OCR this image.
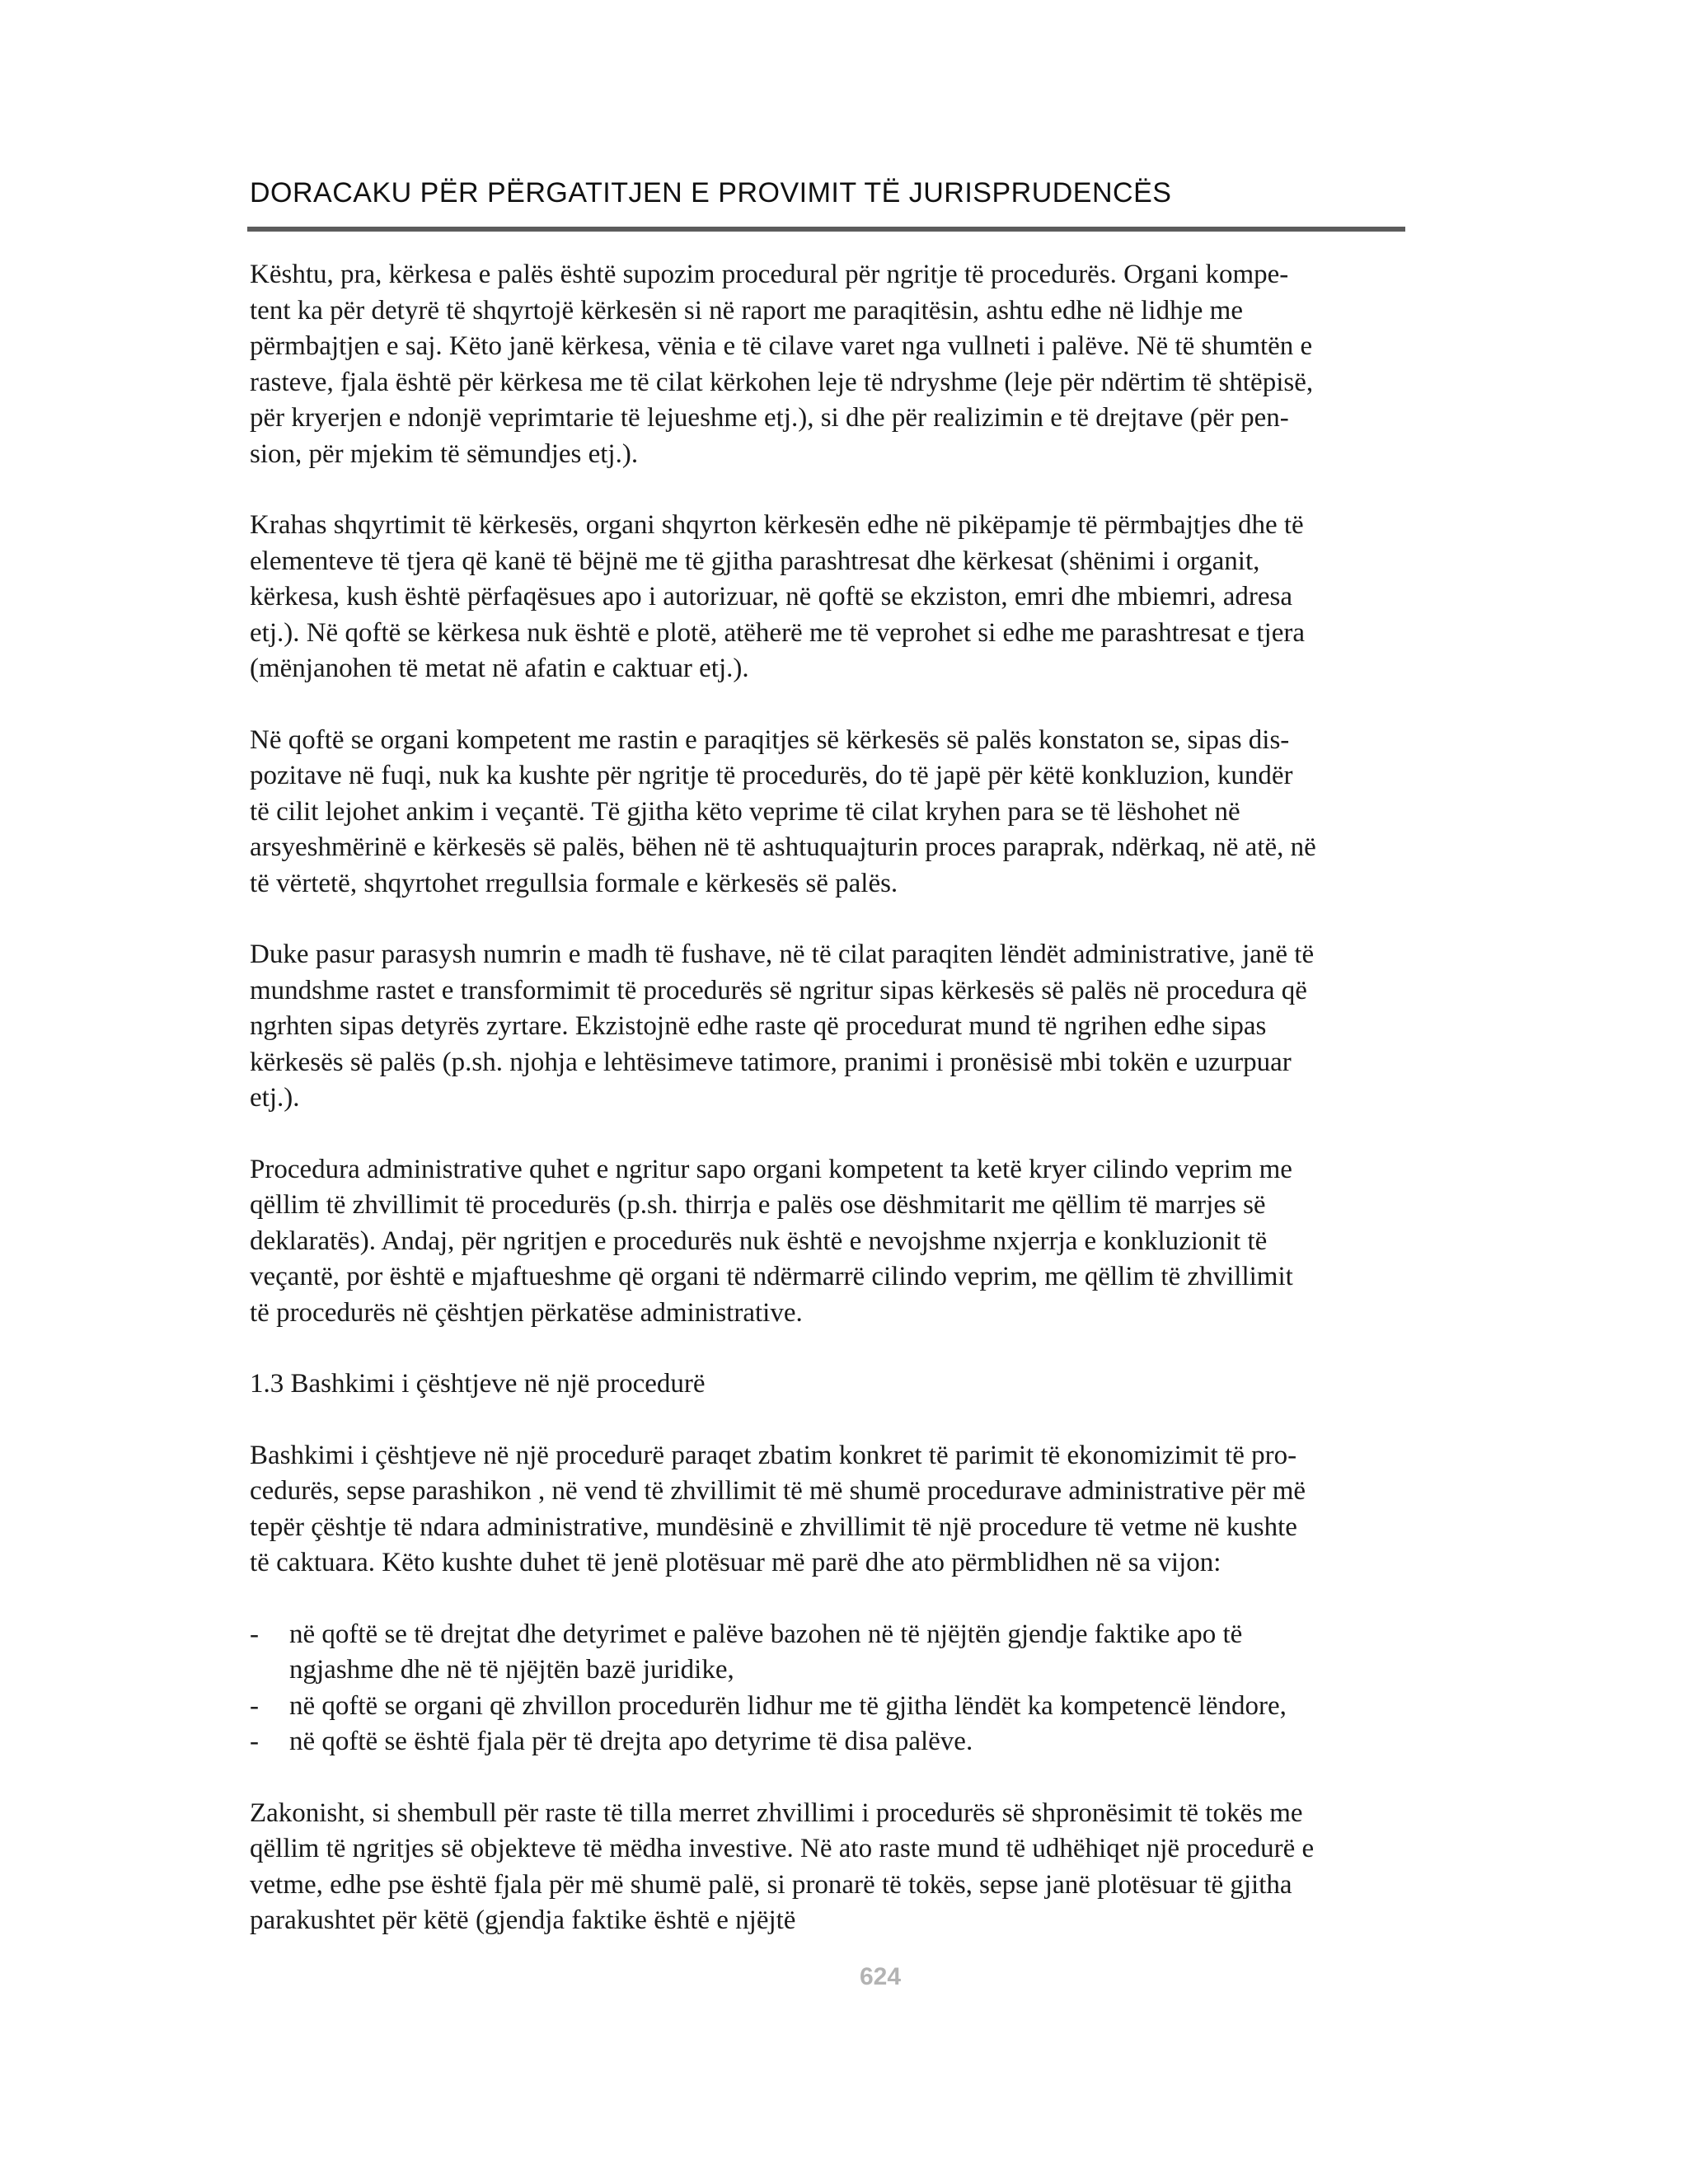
DORACAKU PËR PËRGATITJEN E PROVIMIT TË JURISPRUDENCËS
Kështu, pra, kërkesa e palës është supozim procedural për ngritje të procedurës. Organi kompe-
tent ka për detyrë të shqyrtojë kërkesën si në raport me paraqitësin, ashtu edhe në lidhje me
përmbajtjen e saj. Këto janë kërkesa, vënia e të cilave varet nga vullneti i palëve. Në të shumtën e
rasteve, fjala është për kërkesa me të cilat kërkohen leje të ndryshme (leje për ndërtim të shtëpisë,
për kryerjen e ndonjë veprimtarie të lejueshme etj.), si dhe për realizimin e të drejtave (për pen-
sion, për mjekim të sëmundjes etj.).
Krahas shqyrtimit të kërkesës, organi shqyrton kërkesën edhe në pikëpamje të përmbajtjes dhe të
elementeve të tjera që kanë të bëjnë me të gjitha parashtresat dhe kërkesat (shënimi i organit,
kërkesa, kush është përfaqësues apo i autorizuar, në qoftë se ekziston, emri dhe mbiemri, adresa
etj.). Në qoftë se kërkesa nuk është e plotë, atëherë me të veprohet si edhe me parashtresat e tjera
(mënjanohen të metat në afatin e caktuar etj.).
Në qoftë se organi kompetent me rastin e paraqitjes së kërkesës së palës konstaton se, sipas dis-
pozitave në fuqi, nuk ka kushte për ngritje të procedurës, do të japë për këtë konkluzion, kundër
të cilit lejohet ankim i veçantë. Të gjitha këto veprime të cilat kryhen para se të lëshohet në
arsyeshmërinë e kërkesës së palës, bëhen në të ashtuquajturin proces paraprak, ndërkaq, në atë, në
të vërtetë, shqyrtohet rregullsia formale e kërkesës së palës.
Duke pasur parasysh numrin e madh të fushave, në të cilat paraqiten lëndët administrative, janë të
mundshme rastet e transformimit të procedurës së ngritur sipas kërkesës së palës në procedura që
ngrhten sipas detyrës zyrtare. Ekzistojnë edhe raste që procedurat mund të ngrihen edhe sipas
kërkesës së palës (p.sh. njohja e lehtësimeve tatimore, pranimi i pronësisë mbi tokën e uzurpuar
etj.).
Procedura administrative quhet e ngritur sapo organi kompetent ta ketë kryer cilindo veprim me
qëllim të zhvillimit të procedurës (p.sh. thirrja e palës ose dëshmitarit me qëllim të marrjes së
deklaratës). Andaj, për ngritjen e procedurës nuk është e nevojshme nxjerrja e konkluzionit të
veçantë, por është e mjaftueshme që organi të ndërmarrë cilindo veprim, me qëllim të zhvillimit
të procedurës në çështjen përkatëse administrative.
1.3 Bashkimi i çështjeve në një procedurë
Bashkimi i çështjeve në një procedurë paraqet zbatim konkret të parimit të ekonomizimit të pro-
cedurës, sepse parashikon , në vend të zhvillimit të më shumë procedurave administrative për më
tepër çështje të ndara administrative, mundësinë e zhvillimit të një procedure të vetme në kushte
të caktuara. Këto kushte duhet të jenë plotësuar më parë dhe ato përmblidhen në sa vijon:
- në qoftë se të drejtat dhe detyrimet e palëve bazohen në të njëjtën gjendje faktike apo të
ngjashme dhe në të njëjtën bazë juridike,
- në qoftë se organi që zhvillon procedurën lidhur me të gjitha lëndët ka kompetencë lëndore,
- në qoftë se është fjala për të drejta apo detyrime të disa palëve.
Zakonisht, si shembull për raste të tilla merret zhvillimi i procedurës së shpronësimit të tokës me
qëllim të ngritjes së objekteve të mëdha investive. Në ato raste mund të udhëhiqet një procedurë e
vetme, edhe pse është fjala për më shumë palë, si pronarë të tokës, sepse janë plotësuar të gjitha
parakushtet për këtë (gjendja faktike është e njëjtë
624
